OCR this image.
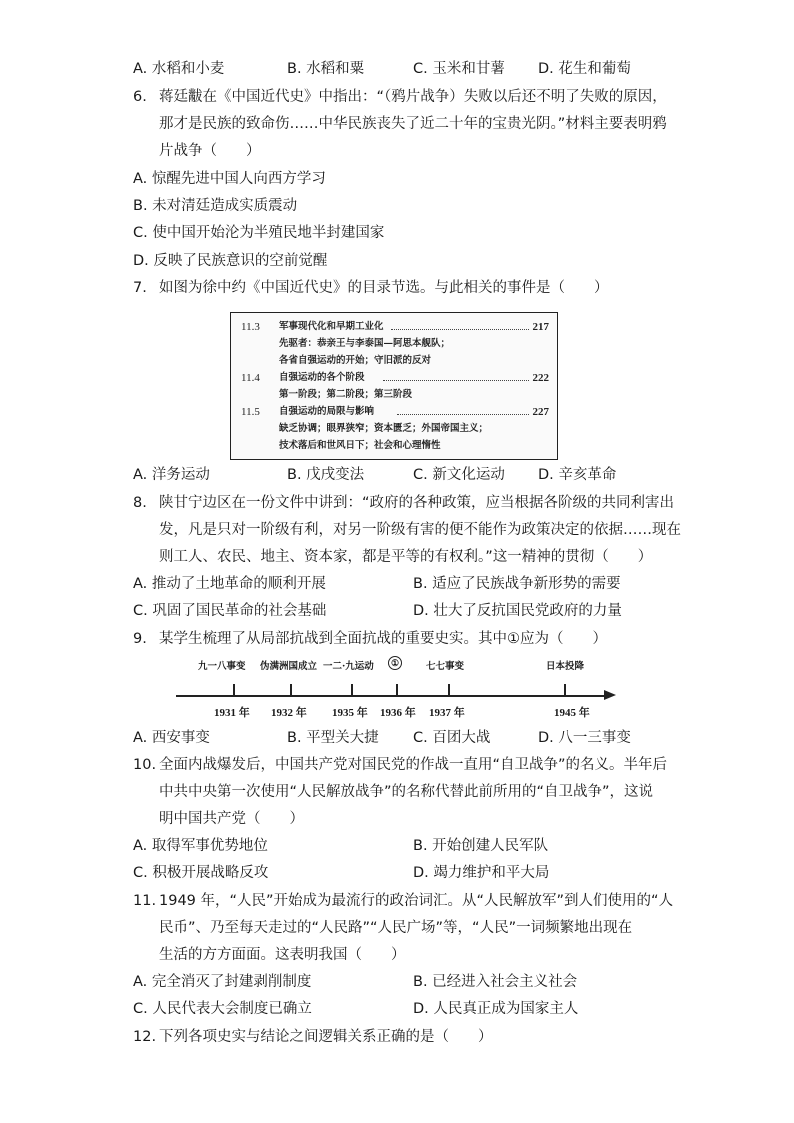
A. 水稻和小麦	B. 水稻和粟	C. 玉米和甘薯 D. 花生和葡萄
6. 蒋廷黻在《中国近代史》中指出：“（鸦片战争）失败以后还不明了失败的原因，
那才是民族的致命伤……中华民族丧失了近二十年的宝贵光阴。”材料主要表明鸦
片战争（　　）
A. 惊醒先进中国人向西方学习
B. 未对清廷造成实质震动
C. 使中国开始沦为半殖民地半封建国家
D. 反映了民族意识的空前觉醒
7. 如图为徐中约《中国近代史》的目录节选。与此相关的事件是（　　）
11.3 军事现代化和早期工业化	217
先驱者：恭亲王与李泰国—阿思本舰队；
各省自强运动的开始；守旧派的反对
11.4 自强运动的各个阶段	222
第一阶段；第二阶段；第三阶段
11.5 自强运动的局限与影响	227
缺乏协调；眼界狭窄；资本匮乏；外国帝国主义；
技术落后和世风日下；社会和心理惰性
A. 洋务运动	B. 戊戌变法	C. 新文化运动 D. 辛亥革命
8. 陕甘宁边区在一份文件中讲到：“政府的各种政策，应当根据各阶级的共同利害出
发，凡是只对一阶级有利，对另一阶级有害的便不能作为政策决定的依据……现在
则工人、农民、地主、资本家，都是平等的有权利。”这一精神的贯彻（　　）
A. 推动了土地革命的顺利开展	B. 适应了民族战争新形势的需要
C. 巩固了国民革命的社会基础	D. 壮大了反抗国民党政府的力量
9. 某学生梳理了从局部抗战到全面抗战的重要史实。其中①应为（　　）
九一八事变 伪满洲国成立 一二·九运动	①	七七事变	日本投降
1931 年 1932 年 1935 年 1936 年 1937 年	1945 年
A. 西安事变	B. 平型关大捷 C. 百团大战	D. 八一三事变
10. 全面内战爆发后，中国共产党对国民党的作战一直用“自卫战争”的名义。半年后
中共中央第一次使用“人民解放战争”的名称代替此前所用的“自卫战争”，这说
明中国共产党（　　）
A. 取得军事优势地位	B. 开始创建人民军队
C. 积极开展战略反攻	D. 竭力维护和平大局
11. 1949 年，“人民”开始成为最流行的政治词汇。从“人民解放军”到人们使用的“人
民币”、乃至每天走过的“人民路”“人民广场”等，“人民”一词频繁地出现在
生活的方方面面。这表明我国（　　）
A. 完全消灭了封建剥削制度	B. 已经进入社会主义社会
C. 人民代表大会制度已确立	D. 人民真正成为国家主人
12. 下列各项史实与结论之间逻辑关系正确的是（　　）
